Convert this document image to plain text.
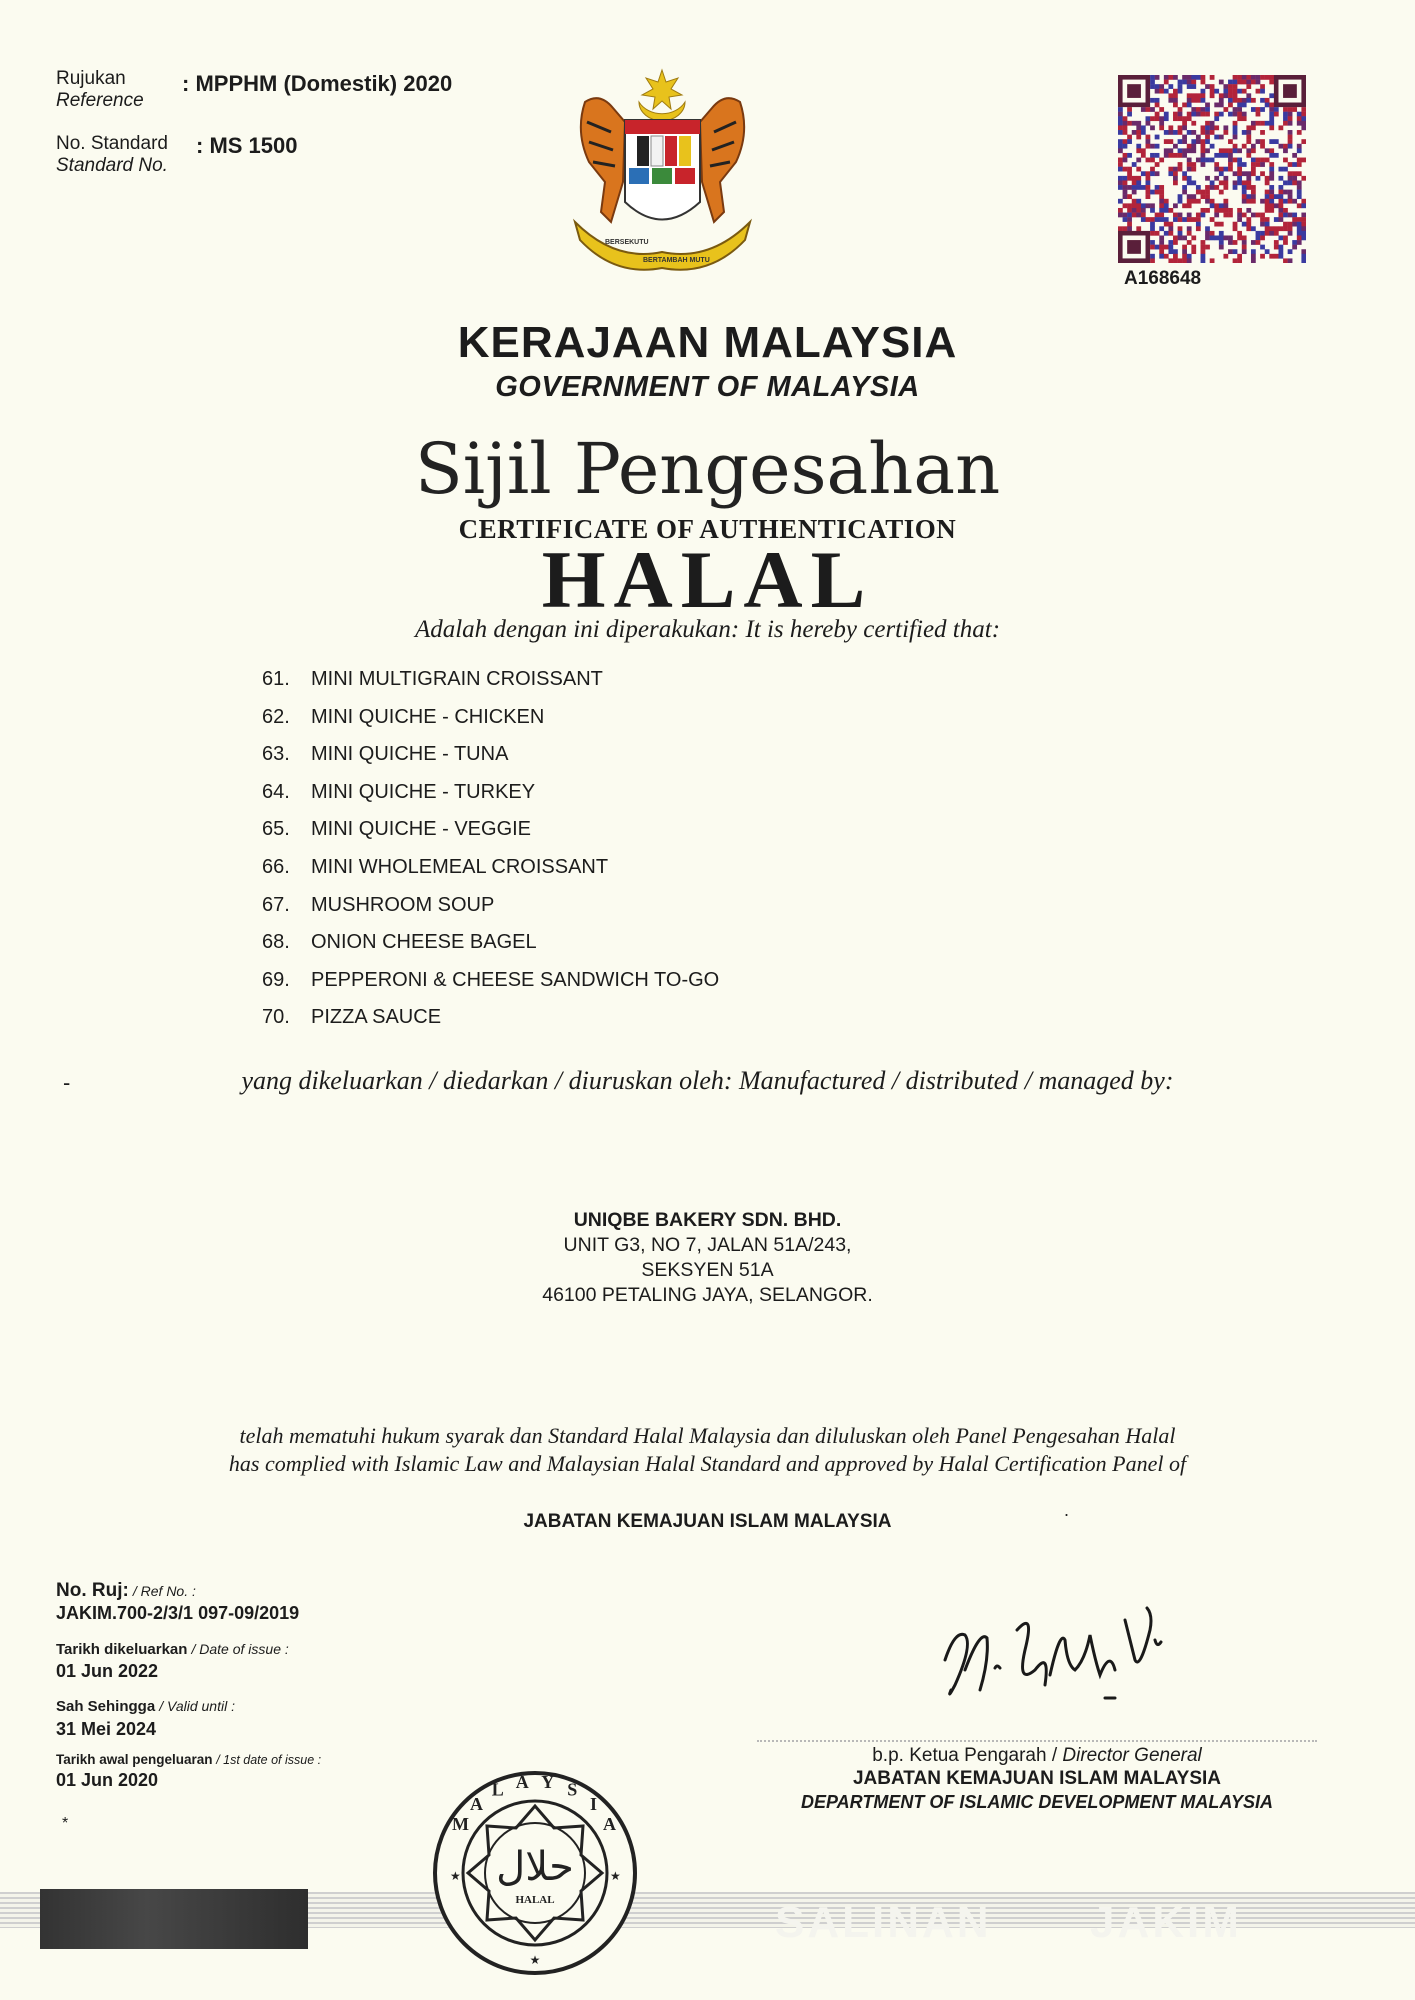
Rujukan
Reference
: MPPHM (Domestik) 2020
No. Standard
Standard No.
: MS 1500
BERSEKUTU
BERTAMBAH MUTU
A168648
KERAJAAN MALAYSIA
GOVERNMENT OF MALAYSIA
Sijil Pengesahan
CERTIFICATE OF AUTHENTICATION
HALAL
Adalah dengan ini diperakukan: It is hereby certified that:
61.	MINI MULTIGRAIN CROISSANT
62.	MINI QUICHE - CHICKEN
63.	MINI QUICHE - TUNA
64.	MINI QUICHE - TURKEY
65.	MINI QUICHE - VEGGIE
66.	MINI WHOLEMEAL CROISSANT
67.	MUSHROOM SOUP
68.	ONION CHEESE BAGEL
69.	PEPPERONI & CHEESE SANDWICH TO-GO
70.	PIZZA SAUCE
-	yang dikeluarkan / diedarkan / diuruskan oleh: Manufactured / distributed / managed by:
UNIQBE BAKERY SDN. BHD.
UNIT G3, NO 7, JALAN 51A/243,
SEKSYEN 51A
46100 PETALING JAYA, SELANGOR.
telah mematuhi hukum syarak dan Standard Halal Malaysia dan diluluskan oleh Panel Pengesahan Halal
has complied with Islamic Law and Malaysian Halal Standard and approved by Halal Certification Panel of
JABATAN KEMAJUAN ISLAM MALAYSIA
.
No. Ruj: / Ref No. :
JAKIM.700-2/3/1 097-09/2019
Tarikh dikeluarkan / Date of issue :
01 Jun 2022
Sah Sehingga / Valid until :
31 Mei 2024
Tarikh awal pengeluaran / 1st date of issue :
01 Jun 2020
*
b.p. Ketua Pengarah / Director General
JABATAN KEMAJUAN ISLAM MALAYSIA
DEPARTMENT OF ISLAMIC DEVELOPMENT MALAYSIA
SALINAN JAKIM
MAL A Y SIA
حلال
HALAL
★
★	★
